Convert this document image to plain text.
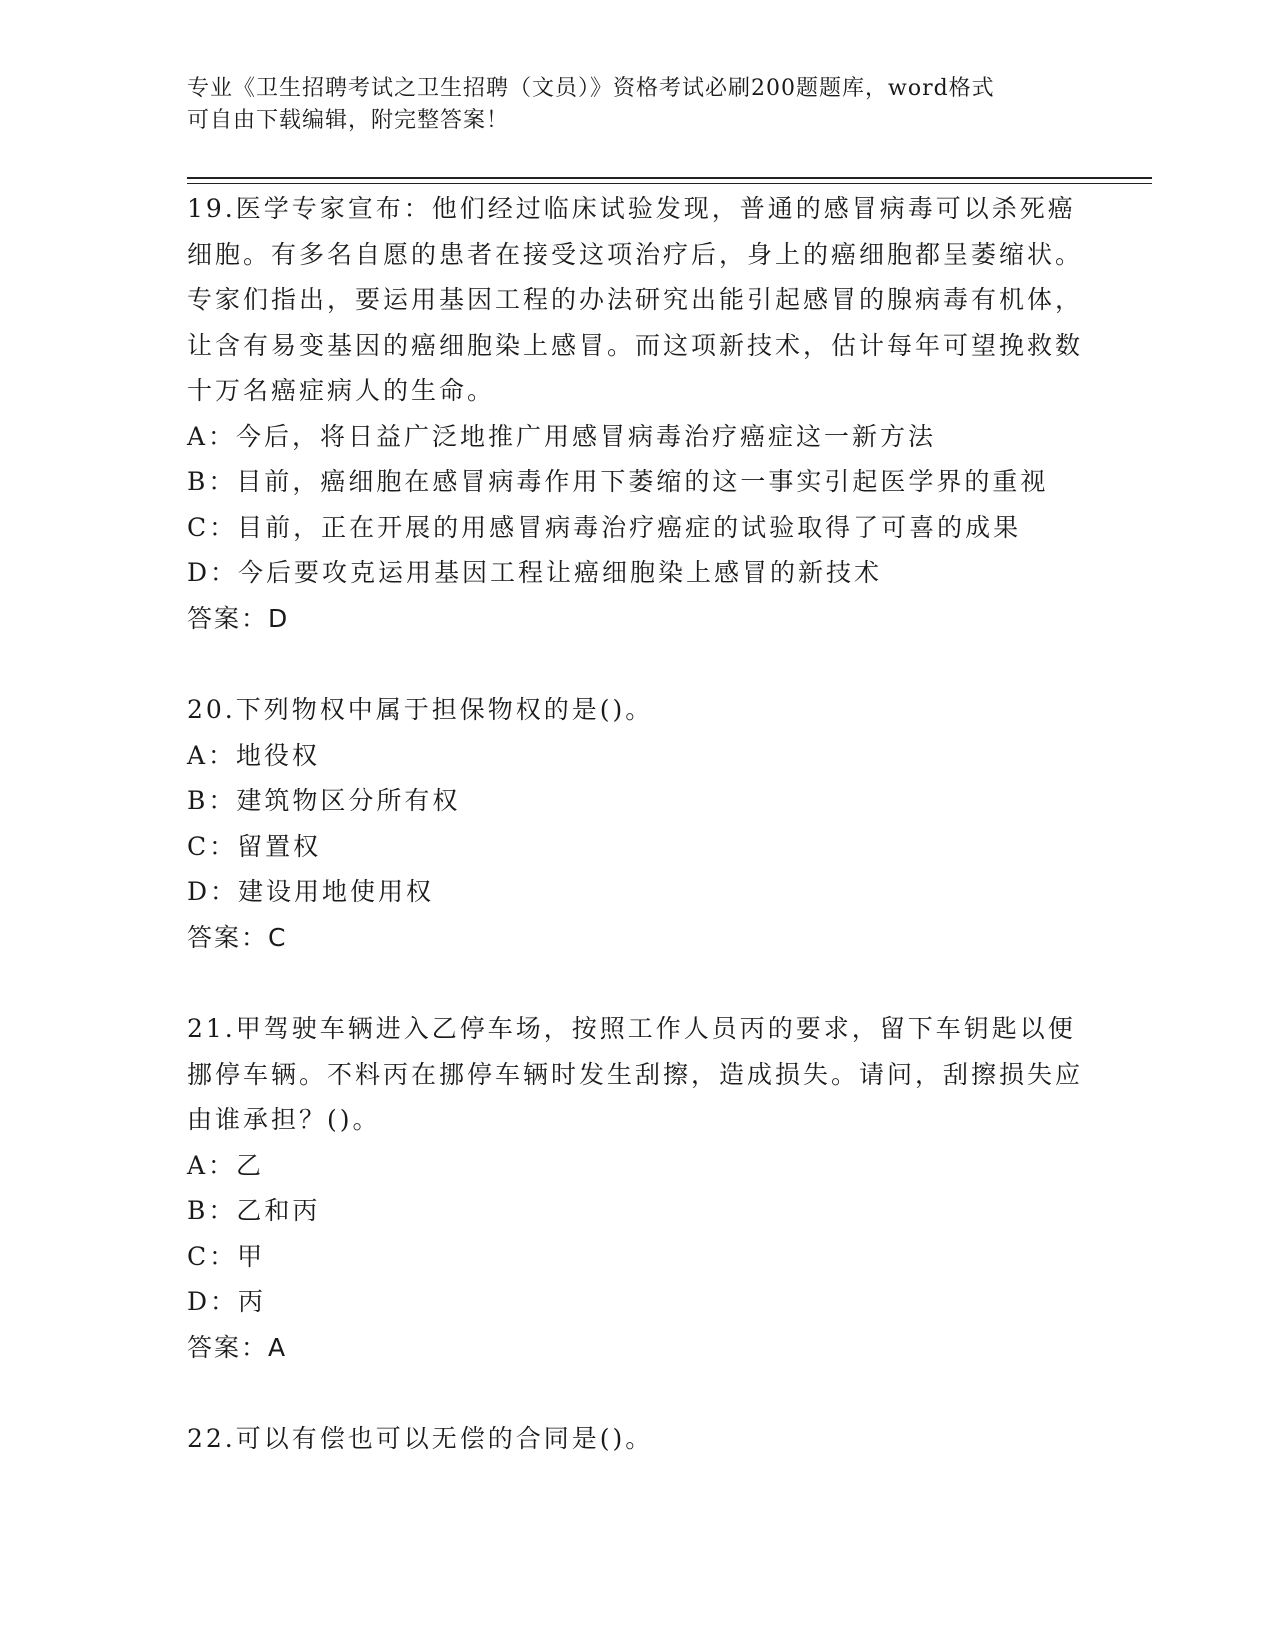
专业《卫生招聘考试之卫生招聘（文员）》资格考试必刷200题题库，word格式
可自由下载编辑，附完整答案！

19.医学专家宣布：他们经过临床试验发现，普通的感冒病毒可以杀死癌细胞。有多名自愿的患者在接受这项治疗后，身上的癌细胞都呈萎缩状。专家们指出，要运用基因工程的办法研究出能引起感冒的腺病毒有机体，让含有易变基因的癌细胞染上感冒。而这项新技术，估计每年可望挽救数十万名癌症病人的生命。

A：今后，将日益广泛地推广用感冒病毒治疗癌症这一新方法

B：目前，癌细胞在感冒病毒作用下萎缩的这一事实引起医学界的重视

C：目前，正在开展的用感冒病毒治疗癌症的试验取得了可喜的成果

D：今后要攻克运用基因工程让癌细胞染上感冒的新技术

答案：D

20.下列物权中属于担保物权的是()。

A：地役权

B：建筑物区分所有权

C：留置权

D：建设用地使用权

答案：C

21.甲驾驶车辆进入乙停车场，按照工作人员丙的要求，留下车钥匙以便挪停车辆。不料丙在挪停车辆时发生刮擦，造成损失。请问，刮擦损失应由谁承担？()。

A：乙

B：乙和丙

C：甲

D：丙

答案：A

22.可以有偿也可以无偿的合同是()。
